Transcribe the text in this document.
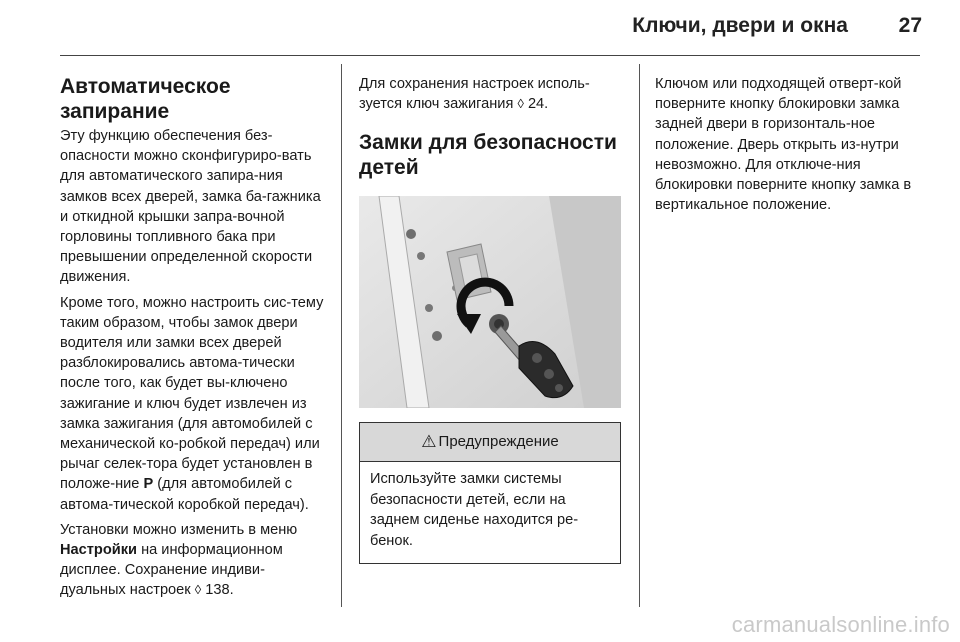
Ключи, двери и окна 27
Автоматическое запирание

Эту функцию обеспечения без-опасности можно сконфигуриро-вать для автоматического запира-ния замков всех дверей, замка ба-гажника и откидной крышки запра-вочной горловины топливного бака при превышении определенной скорости движения.

Кроме того, можно настроить сис-тему таким образом, чтобы замок двери водителя или замки всех дверей разблокировались автома-тически после того, как будет вы-ключено зажигание и ключ будет извлечен из замка зажигания (для автомобилей с механической ко-робкой передач) или рычаг селек-тора будет установлен в положе-ние P (для автомобилей с автома-тической коробкой передач).

Установки можно изменить в меню Настройки на информационном дисплее. Сохранение индиви-дуальных настроек ◊ 138.

Для сохранения настроек исполь-зуется ключ зажигания ◊ 24.

Замки для безопасности детей
⚠ Предупреждение
Используйте замки системы безопасности детей, если на заднем сиденье находится ре-бенок.

Ключом или подходящей отверт-кой поверните кнопку блокировки замка задней двери в горизонталь-ное положение. Дверь открыть из-нутри невозможно. Для отключе-ния блокировки поверните кнопку замка в вертикальное положение.

carmanualsonline.info
